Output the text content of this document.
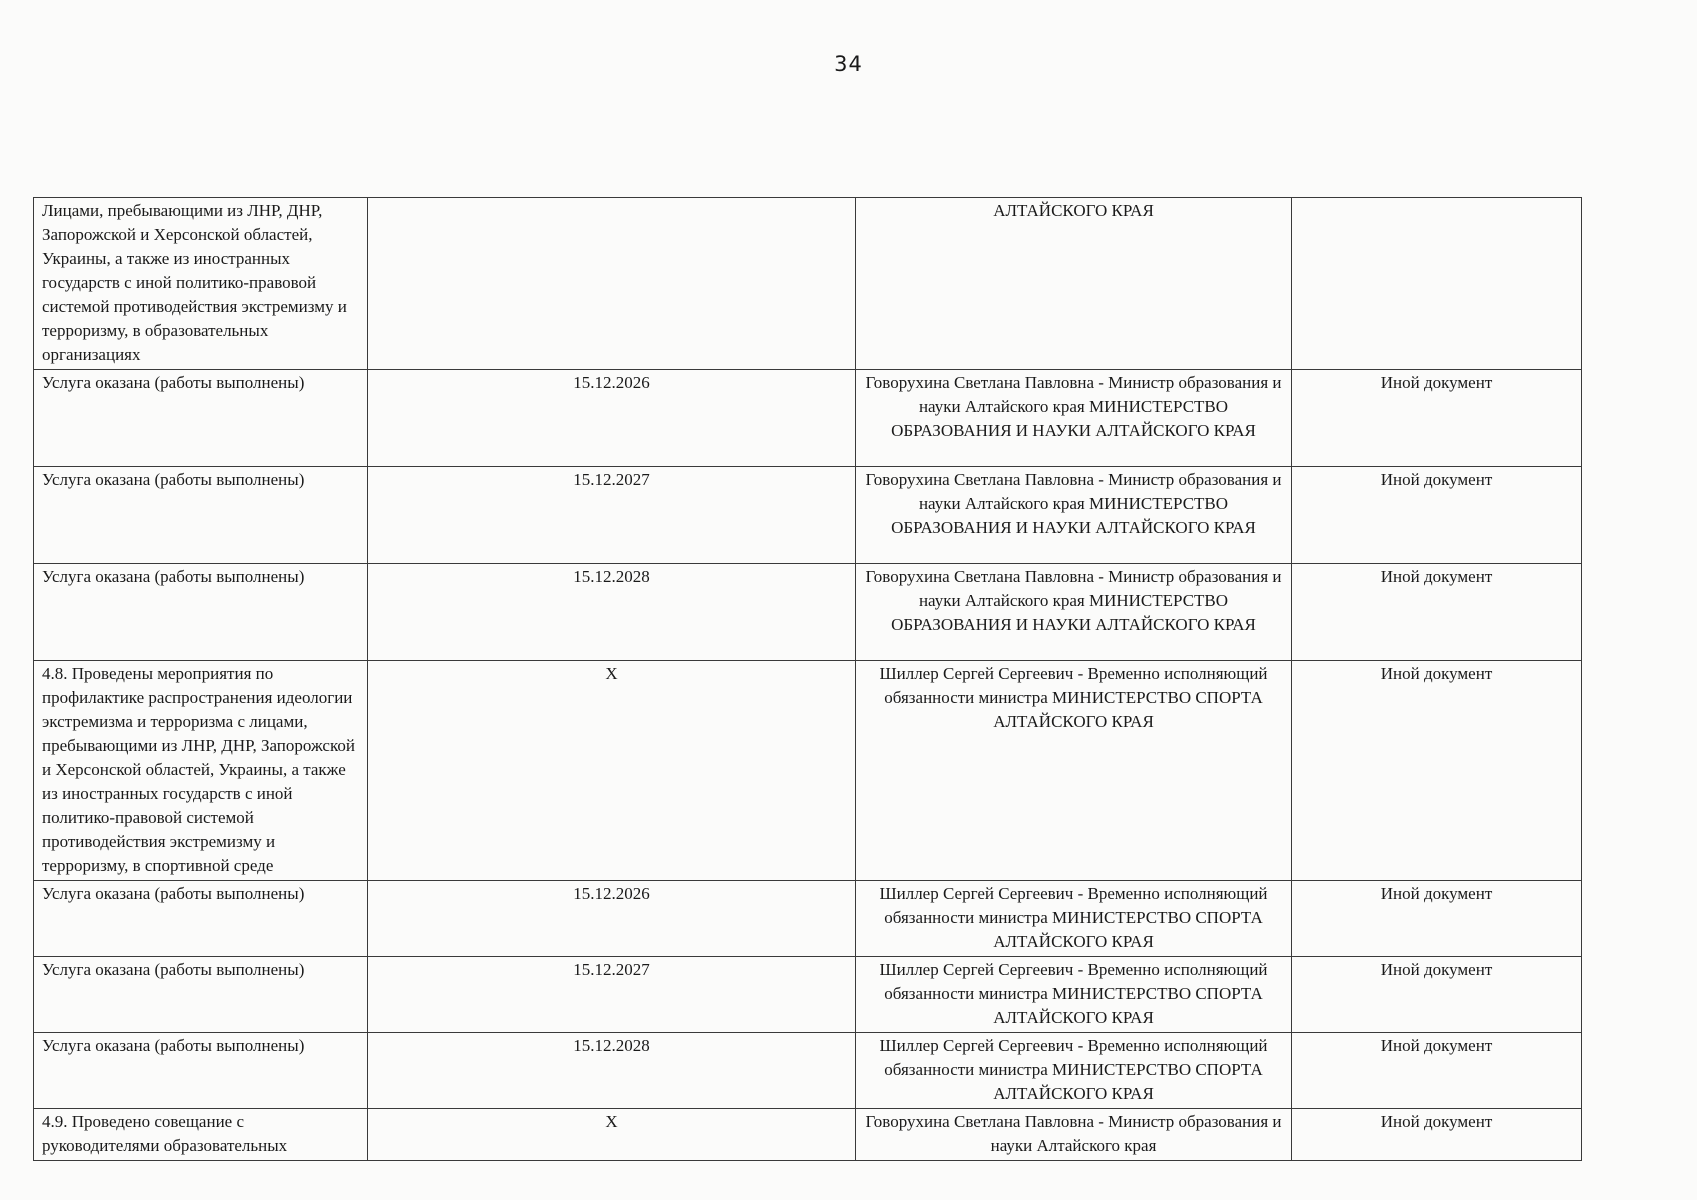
34
Лицами, пребывающими из ЛНР, ДНР, Запорожской и Херсонской областей, Украины, а также из иностранных государств с иной политико-правовой системой противодействия экстремизму и терроризму, в образовательных организациях		АЛТАЙСКОГО КРАЯ	
Услуга оказана (работы выполнены)	15.12.2026	Говорухина Светлана Павловна - Министр образования и науки Алтайского края МИНИСТЕРСТВО ОБРАЗОВАНИЯ И НАУКИ АЛТАЙСКОГО КРАЯ	Иной документ
Услуга оказана (работы выполнены)	15.12.2027	Говорухина Светлана Павловна - Министр образования и науки Алтайского края МИНИСТЕРСТВО ОБРАЗОВАНИЯ И НАУКИ АЛТАЙСКОГО КРАЯ	Иной документ
Услуга оказана (работы выполнены)	15.12.2028	Говорухина Светлана Павловна - Министр образования и науки Алтайского края МИНИСТЕРСТВО ОБРАЗОВАНИЯ И НАУКИ АЛТАЙСКОГО КРАЯ	Иной документ
4.8. Проведены мероприятия по профилактике распространения идеологии экстремизма и терроризма с лицами, пребывающими из ЛНР, ДНР, Запорожской и Херсонской областей, Украины, а также из иностранных государств с иной политико-правовой системой противодействия экстремизму и терроризму, в спортивной среде	X	Шиллер Сергей Сергеевич - Временно исполняющий обязанности министра МИНИСТЕРСТВО СПОРТА АЛТАЙСКОГО КРАЯ	Иной документ
Услуга оказана (работы выполнены)	15.12.2026	Шиллер Сергей Сергеевич - Временно исполняющий обязанности министра МИНИСТЕРСТВО СПОРТА АЛТАЙСКОГО КРАЯ	Иной документ
Услуга оказана (работы выполнены)	15.12.2027	Шиллер Сергей Сергеевич - Временно исполняющий обязанности министра МИНИСТЕРСТВО СПОРТА АЛТАЙСКОГО КРАЯ	Иной документ
Услуга оказана (работы выполнены)	15.12.2028	Шиллер Сергей Сергеевич - Временно исполняющий обязанности министра МИНИСТЕРСТВО СПОРТА АЛТАЙСКОГО КРАЯ	Иной документ
4.9. Проведено совещание с руководителями образовательных	X	Говорухина Светлана Павловна - Министр образования и науки Алтайского края	Иной документ
